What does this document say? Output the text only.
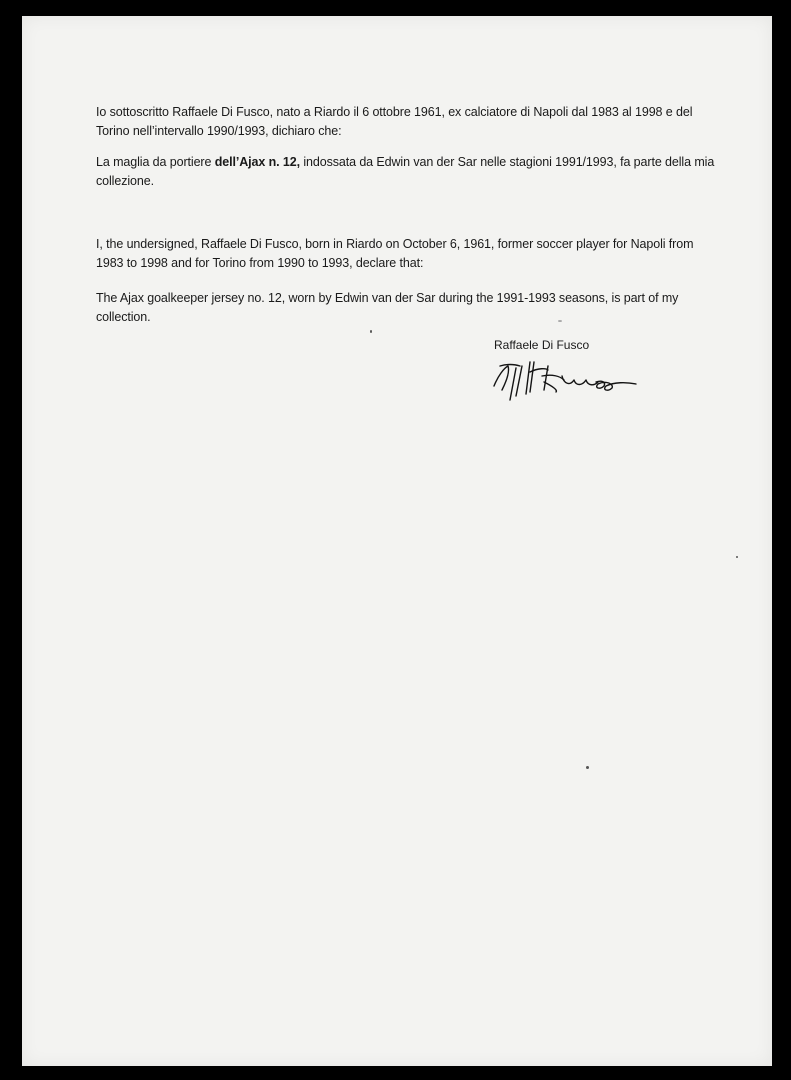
Io sottoscritto Raffaele Di Fusco, nato a Riardo il 6 ottobre 1961, ex calciatore di Napoli dal 1983 al 1998 e del Torino nell’intervallo 1990/1993, dichiaro che:

La maglia da portiere dell’Ajax n. 12, indossata da Edwin van der Sar nelle stagioni 1991/1993, fa parte della mia collezione.

I, the undersigned, Raffaele Di Fusco, born in Riardo on October 6, 1961, former soccer player for Napoli from 1983 to 1998 and for Torino from 1990 to 1993, declare that:

The Ajax goalkeeper jersey no. 12, worn by Edwin van der Sar during the 1991-1993 seasons, is part of my collection.

Raffaele Di Fusco
